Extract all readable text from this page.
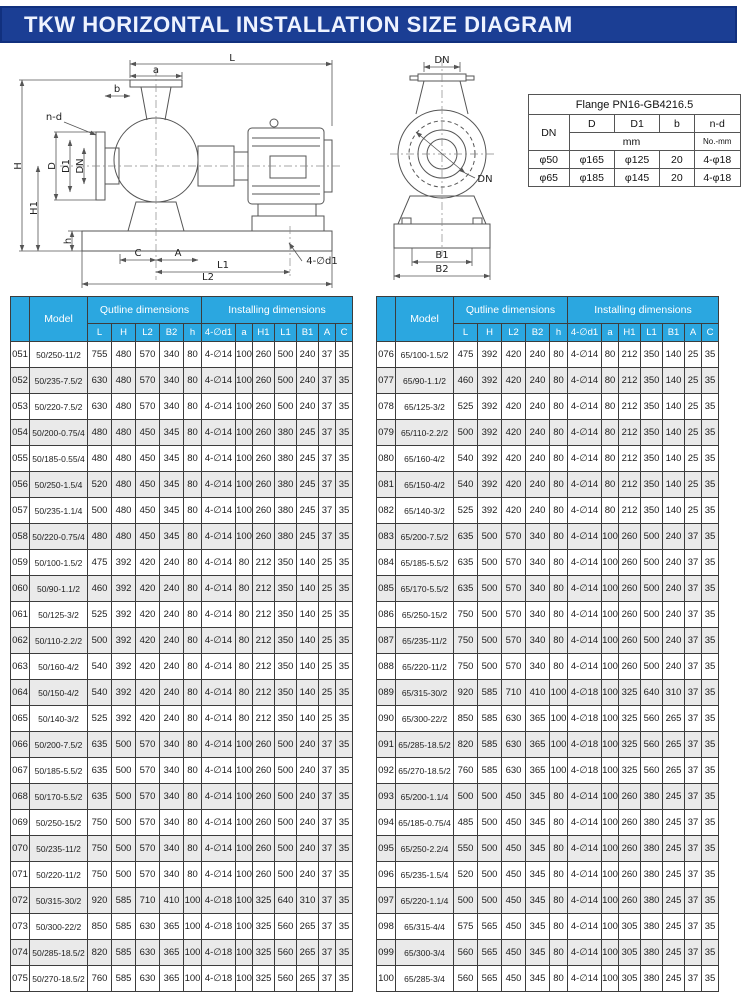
TKW HORIZONTAL INSTALLATION SIZE DIAGRAM
L
a
b
n-d
H
H1
D D1 DN
h
C	A
L1
L2
4-∅d1
DN
DN
B1
B2
Flange PN16-GB4216.5				
DN	D	D1	b	n-d
	mm			No.-mm
φ50	φ165	φ125	20	4-φ18
φ65	φ185	φ145	20	4-φ18
	Model	Qutline dimensions					Installing dimensions						
		L	H	L2	B2	h	4-∅d1	a	H1	L1	B1	A	C
051	50/250-11/2	755	480	570	340	80	4-∅14	100	260	500	240	37	35
052	50/235-7.5/2	630	480	570	340	80	4-∅14	100	260	500	240	37	35
053	50/220-7.5/2	630	480	570	340	80	4-∅14	100	260	500	240	37	35
054	50/200-0.75/4	480	480	450	345	80	4-∅14	100	260	380	245	37	35
055	50/185-0.55/4	480	480	450	345	80	4-∅14	100	260	380	245	37	35
056	50/250-1.5/4	520	480	450	345	80	4-∅14	100	260	380	245	37	35
057	50/235-1.1/4	500	480	450	345	80	4-∅14	100	260	380	245	37	35
058	50/220-0.75/4	480	480	450	345	80	4-∅14	100	260	380	245	37	35
059	50/100-1.5/2	475	392	420	240	80	4-∅14	80	212	350	140	25	35
060	50/90-1.1/2	460	392	420	240	80	4-∅14	80	212	350	140	25	35
061	50/125-3/2	525	392	420	240	80	4-∅14	80	212	350	140	25	35
062	50/110-2.2/2	500	392	420	240	80	4-∅14	80	212	350	140	25	35
063	50/160-4/2	540	392	420	240	80	4-∅14	80	212	350	140	25	35
064	50/150-4/2	540	392	420	240	80	4-∅14	80	212	350	140	25	35
065	50/140-3/2	525	392	420	240	80	4-∅14	80	212	350	140	25	35
066	50/200-7.5/2	635	500	570	340	80	4-∅14	100	260	500	240	37	35
067	50/185-5.5/2	635	500	570	340	80	4-∅14	100	260	500	240	37	35
068	50/170-5.5/2	635	500	570	340	80	4-∅14	100	260	500	240	37	35
069	50/250-15/2	750	500	570	340	80	4-∅14	100	260	500	240	37	35
070	50/235-11/2	750	500	570	340	80	4-∅14	100	260	500	240	37	35
071	50/220-11/2	750	500	570	340	80	4-∅14	100	260	500	240	37	35
072	50/315-30/2	920	585	710	410	100	4-∅18	100	325	640	310	37	35
073	50/300-22/2	850	585	630	365	100	4-∅18	100	325	560	265	37	35
074	50/285-18.5/2	820	585	630	365	100	4-∅18	100	325	560	265	37	35
075	50/270-18.5/2	760	585	630	365	100	4-∅18	100	325	560	265	37	35
	Model	Qutline dimensions					Installing dimensions						
		L	H	L2	B2	h	4-∅d1	a	H1	L1	B1	A	C
076	65/100-1.5/2	475	392	420	240	80	4-∅14	80	212	350	140	25	35
077	65/90-1.1/2	460	392	420	240	80	4-∅14	80	212	350	140	25	35
078	65/125-3/2	525	392	420	240	80	4-∅14	80	212	350	140	25	35
079	65/110-2.2/2	500	392	420	240	80	4-∅14	80	212	350	140	25	35
080	65/160-4/2	540	392	420	240	80	4-∅14	80	212	350	140	25	35
081	65/150-4/2	540	392	420	240	80	4-∅14	80	212	350	140	25	35
082	65/140-3/2	525	392	420	240	80	4-∅14	80	212	350	140	25	35
083	65/200-7.5/2	635	500	570	340	80	4-∅14	100	260	500	240	37	35
084	65/185-5.5/2	635	500	570	340	80	4-∅14	100	260	500	240	37	35
085	65/170-5.5/2	635	500	570	340	80	4-∅14	100	260	500	240	37	35
086	65/250-15/2	750	500	570	340	80	4-∅14	100	260	500	240	37	35
087	65/235-11/2	750	500	570	340	80	4-∅14	100	260	500	240	37	35
088	65/220-11/2	750	500	570	340	80	4-∅14	100	260	500	240	37	35
089	65/315-30/2	920	585	710	410	100	4-∅18	100	325	640	310	37	35
090	65/300-22/2	850	585	630	365	100	4-∅18	100	325	560	265	37	35
091	65/285-18.5/2	820	585	630	365	100	4-∅18	100	325	560	265	37	35
092	65/270-18.5/2	760	585	630	365	100	4-∅18	100	325	560	265	37	35
093	65/200-1.1/4	500	500	450	345	80	4-∅14	100	260	380	245	37	35
094	65/185-0.75/4	485	500	450	345	80	4-∅14	100	260	380	245	37	35
095	65/250-2.2/4	550	500	450	345	80	4-∅14	100	260	380	245	37	35
096	65/235-1.5/4	520	500	450	345	80	4-∅14	100	260	380	245	37	35
097	65/220-1.1/4	500	500	450	345	80	4-∅14	100	260	380	245	37	35
098	65/315-4/4	575	565	450	345	80	4-∅14	100	305	380	245	37	35
099	65/300-3/4	560	565	450	345	80	4-∅14	100	305	380	245	37	35
100	65/285-3/4	560	565	450	345	80	4-∅14	100	305	380	245	37	35
